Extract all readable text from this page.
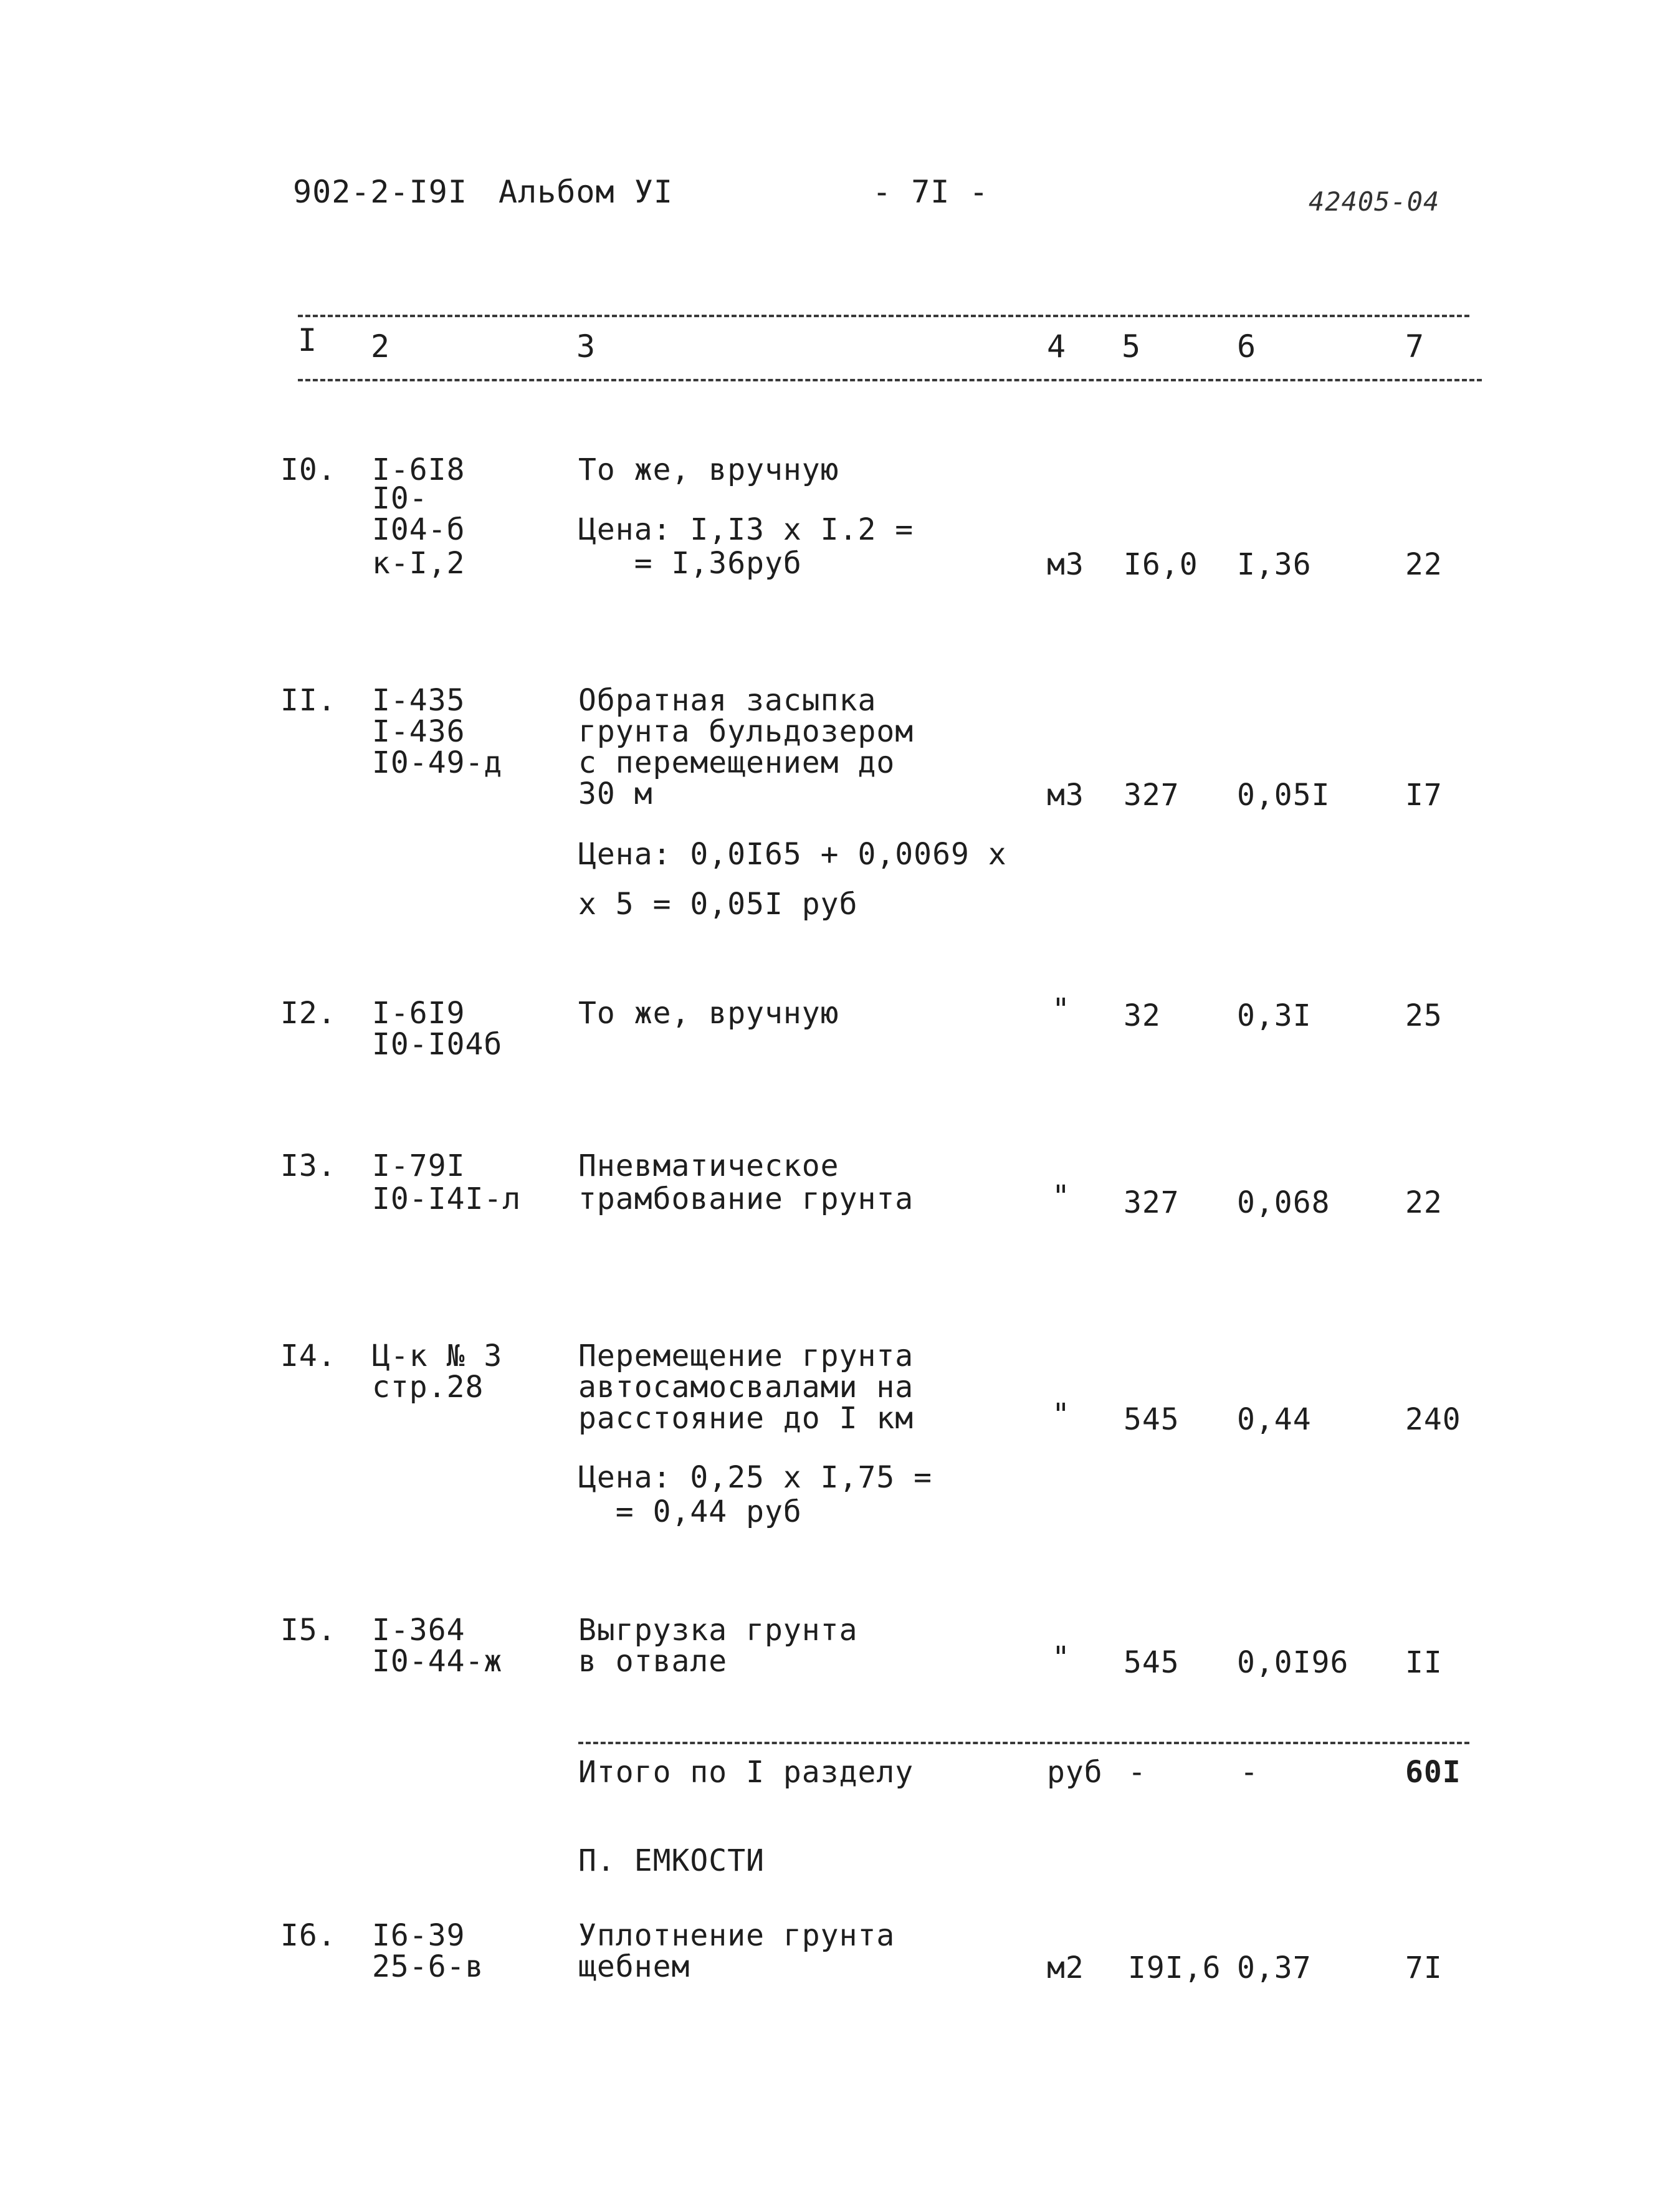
902-2-I9I Альбом УI	- 7I -	42405-04
I 2	3	4 5	6	7
I0. I-6I8
I0-
I04-б
к-I,2
То же, вручную
Цена: I,I3 х I.2 =
= I,36руб	м3 I6,0 I,36	22
II. I-435
I-436
I0-49-д
Обратная засыпка
грунта бульдозером
с перемещением до
30 м	м3 327 0,05I	I7
Цена: 0,0I65 + 0,0069 х
х 5 = 0,05I руб
I2. I-6I9
I0-I04б
То же, вручную	" 32	0,3I	25
I3. I-79I
I0-I4I-л
Пневматическое
трамбование грунта	" 327 0,068	22
I4. Ц-к № 3
стр.28
Перемещение грунта
автосамосвалами на
расстояние до I км	" 545 0,44	240
Цена: 0,25 х I,75 =
= 0,44 руб
I5. I-364
I0-44-ж
Выгрузка грунта
в отвале	" 545 0,0I96 II
Итого по I разделу	руб -	-	60I
П. ЕМКОСТИ
I6. I6-39
25-6-в
Уплотнение грунта
щебнем	м2 I9I,6 0,37	7I
